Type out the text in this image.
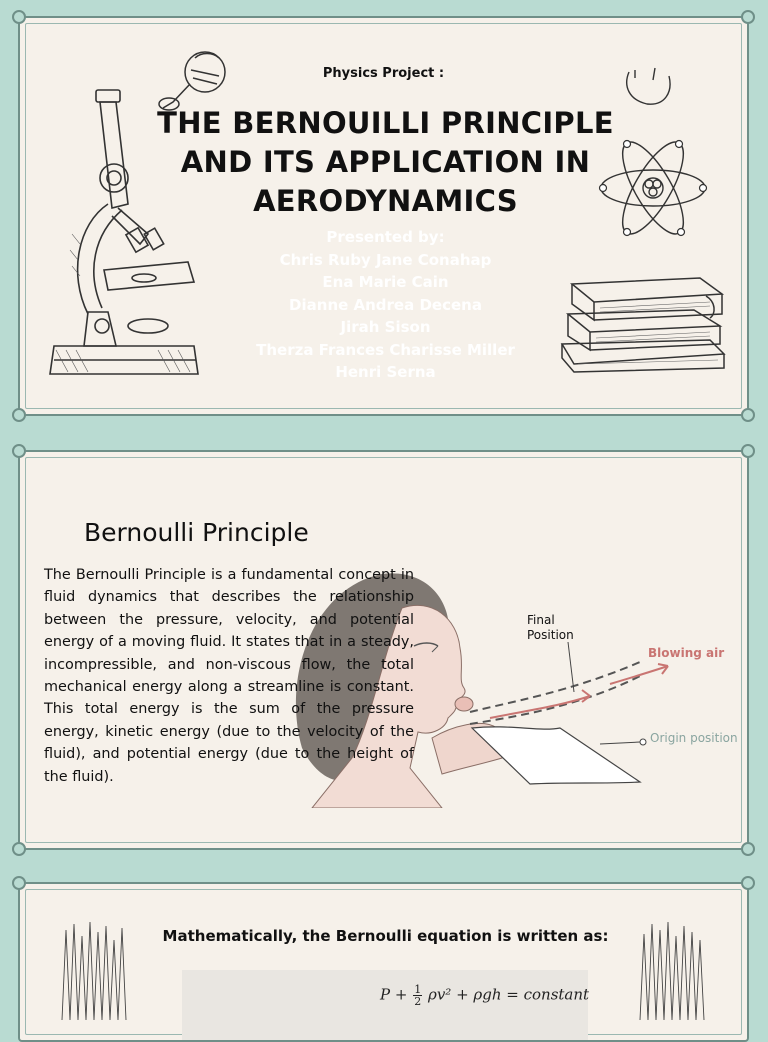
Physics Project :
THE BERNOUILLI PRINCIPLE
AND ITS APPLICATION IN
AERODYNAMICS
Presented by:
Chris Ruby Jane Conahap
Ena Marie Cain
Dianne Andrea Decena
Jirah Sison
Therza Frances Charisse Miller
Henri Serna
Bernoulli Principle
The Bernoulli Principle is a fundamental concept in fluid dynamics that describes the relationship between the pressure, velocity, and potential energy of a moving fluid. It states that in a steady, incompressible, and non-viscous flow, the total mechanical energy along a streamline is constant. This total energy is the sum of the pressure energy, kinetic energy (due to the velocity of the fluid), and potential energy (due to the height of the fluid).
Final Position
Blowing air
Origin position
Mathematically, the Bernoulli equation is written as:
$P + \frac{1}{2} \rho v^2 + \rho gh$ = constant
